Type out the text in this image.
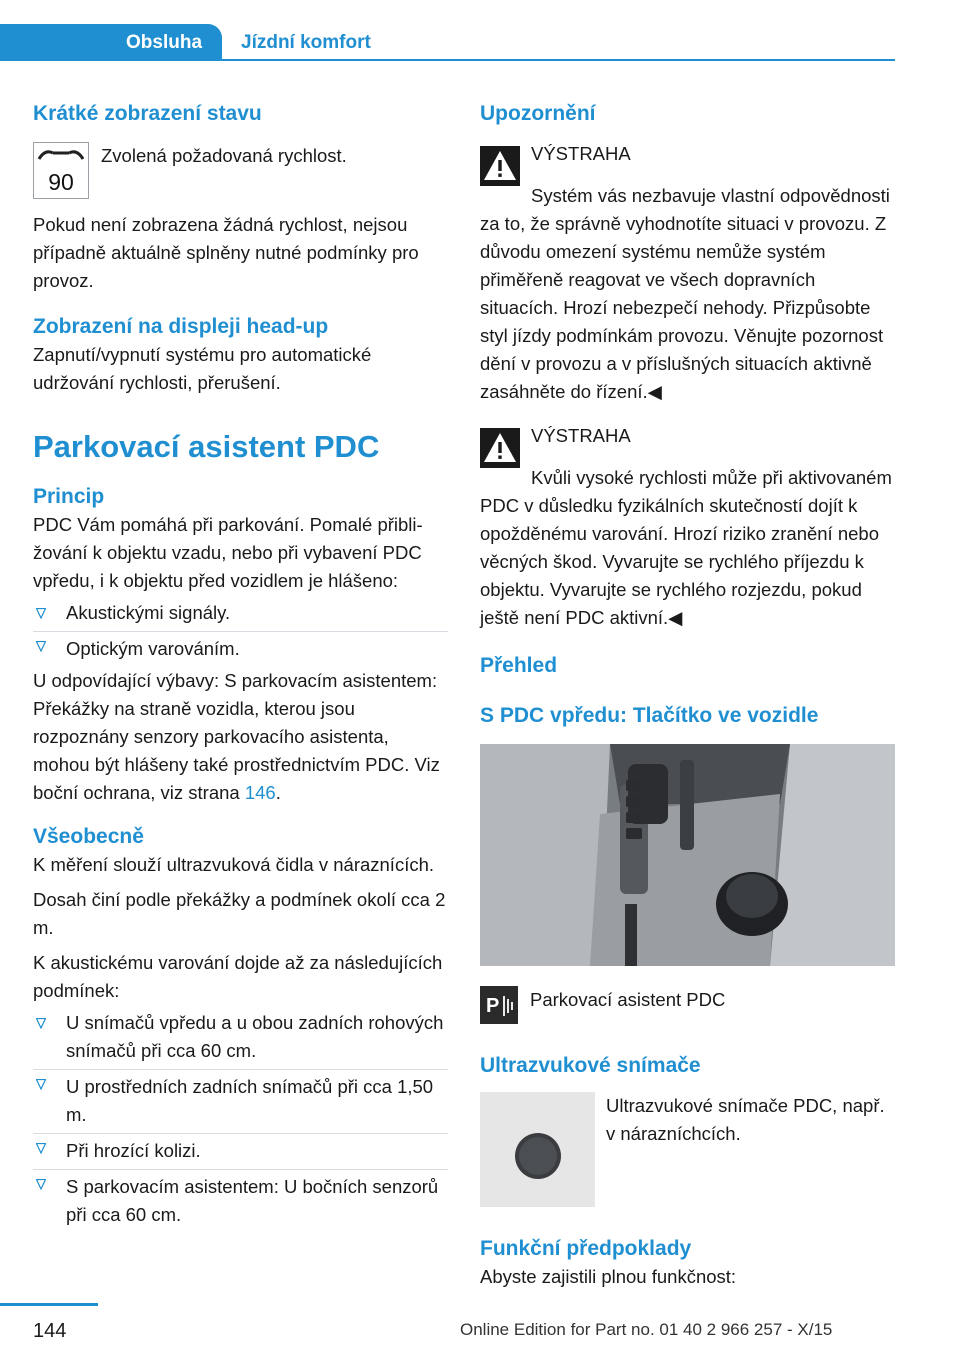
Obsluha	Jízdní komfort
Krátké zobrazení stavu
90

Zvolená požadovaná rychlost.

Pokud není zobrazena žádná rychlost, nejsou případně aktuálně splněny nutné podmínky pro provoz.

Zobrazení na displeji head-up

Zapnutí/vypnutí systému pro automatické udržování rychlosti, přerušení.

Parkovací asistent PDC
Princip

PDC Vám pomáhá při parkování. Pomalé přibližování k objektu vzadu, nebo při vybavení PDC vpředu, i k objektu před vozidlem je hlášeno:

Akustickými signály.
Optickým varováním.

U odpovídající výbavy: S parkovacím asistentem: Překážky na straně vozidla, kterou jsou rozpoznány senzory parkovacího asistenta, mohou být hlášeny také prostřednictvím PDC. Viz boční ochrana, viz strana 146.

Všeobecně

K měření slouží ultrazvuková čidla v náraznících.

Dosah činí podle překážky a podmínek okolí cca 2 m.

K akustickému varování dojde až za následujících podmínek:

U snímačů vpředu a u obou zadních rohových snímačů při cca 60 cm.
U prostředních zadních snímačů při cca 1,50 m.
Při hrozící kolizi.
S parkovacím asistentem: U bočních senzorů při cca 60 cm.
Upozornění

VÝSTRAHA

Systém vás nezbavuje vlastní odpovědnosti za to, že správně vyhodnotíte situaci v provozu. Z důvodu omezení systému nemůže systém přiměřeně reagovat ve všech dopravních situacích. Hrozí nebezpečí nehody. Přizpůsobte styl jízdy podmínkám provozu. Věnujte pozornost dění v provozu a v příslušných situacích aktivně zasáhněte do řízení.◀

VÝSTRAHA

Kvůli vysoké rychlosti může při aktivovaném PDC v důsledku fyzikálních skutečností dojít k opožděnému varování. Hrozí riziko zranění nebo věcných škod. Vyvarujte se rychlého příjezdu k objektu. Vyvarujte se rychlého rozjezdu, pokud ještě není PDC aktivní.◀

Přehled
S PDC vpředu: Tlačítko ve vozidle
P Parkovací asistent PDC

Ultrazvukové snímače

Ultrazvukové snímače PDC, např. v nárazníchcích.

Funkční předpoklady

Abyste zajistili plnou funkčnost:

144	Online Edition for Part no. 01 40 2 966 257 - X/15
